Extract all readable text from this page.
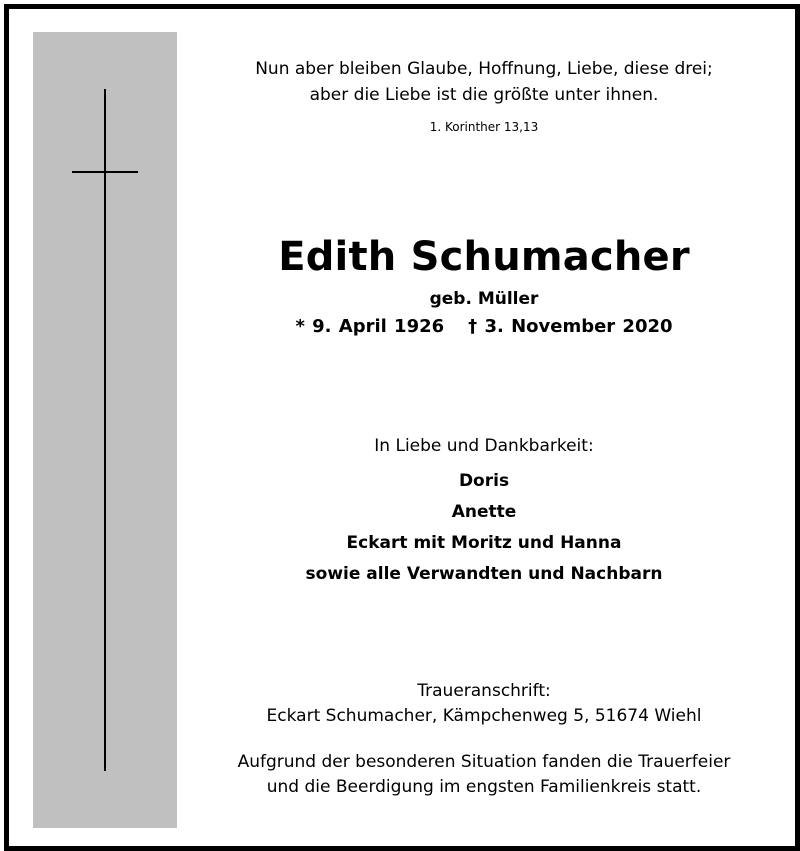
Nun aber bleiben Glaube, Hoffnung, Liebe, diese drei;
aber die Liebe ist die größte unter ihnen.
1. Korinther 13,13
Edith Schumacher
geb. Müller
* 9. April 1926 † 3. November 2020
In Liebe und Dankbarkeit:
Doris
Anette
Eckart mit Moritz und Hanna
sowie alle Verwandten und Nachbarn
Traueranschrift:
Eckart Schumacher, Kämpchenweg 5, 51674 Wiehl
Aufgrund der besonderen Situation fanden die Trauerfeier
und die Beerdigung im engsten Familienkreis statt.
